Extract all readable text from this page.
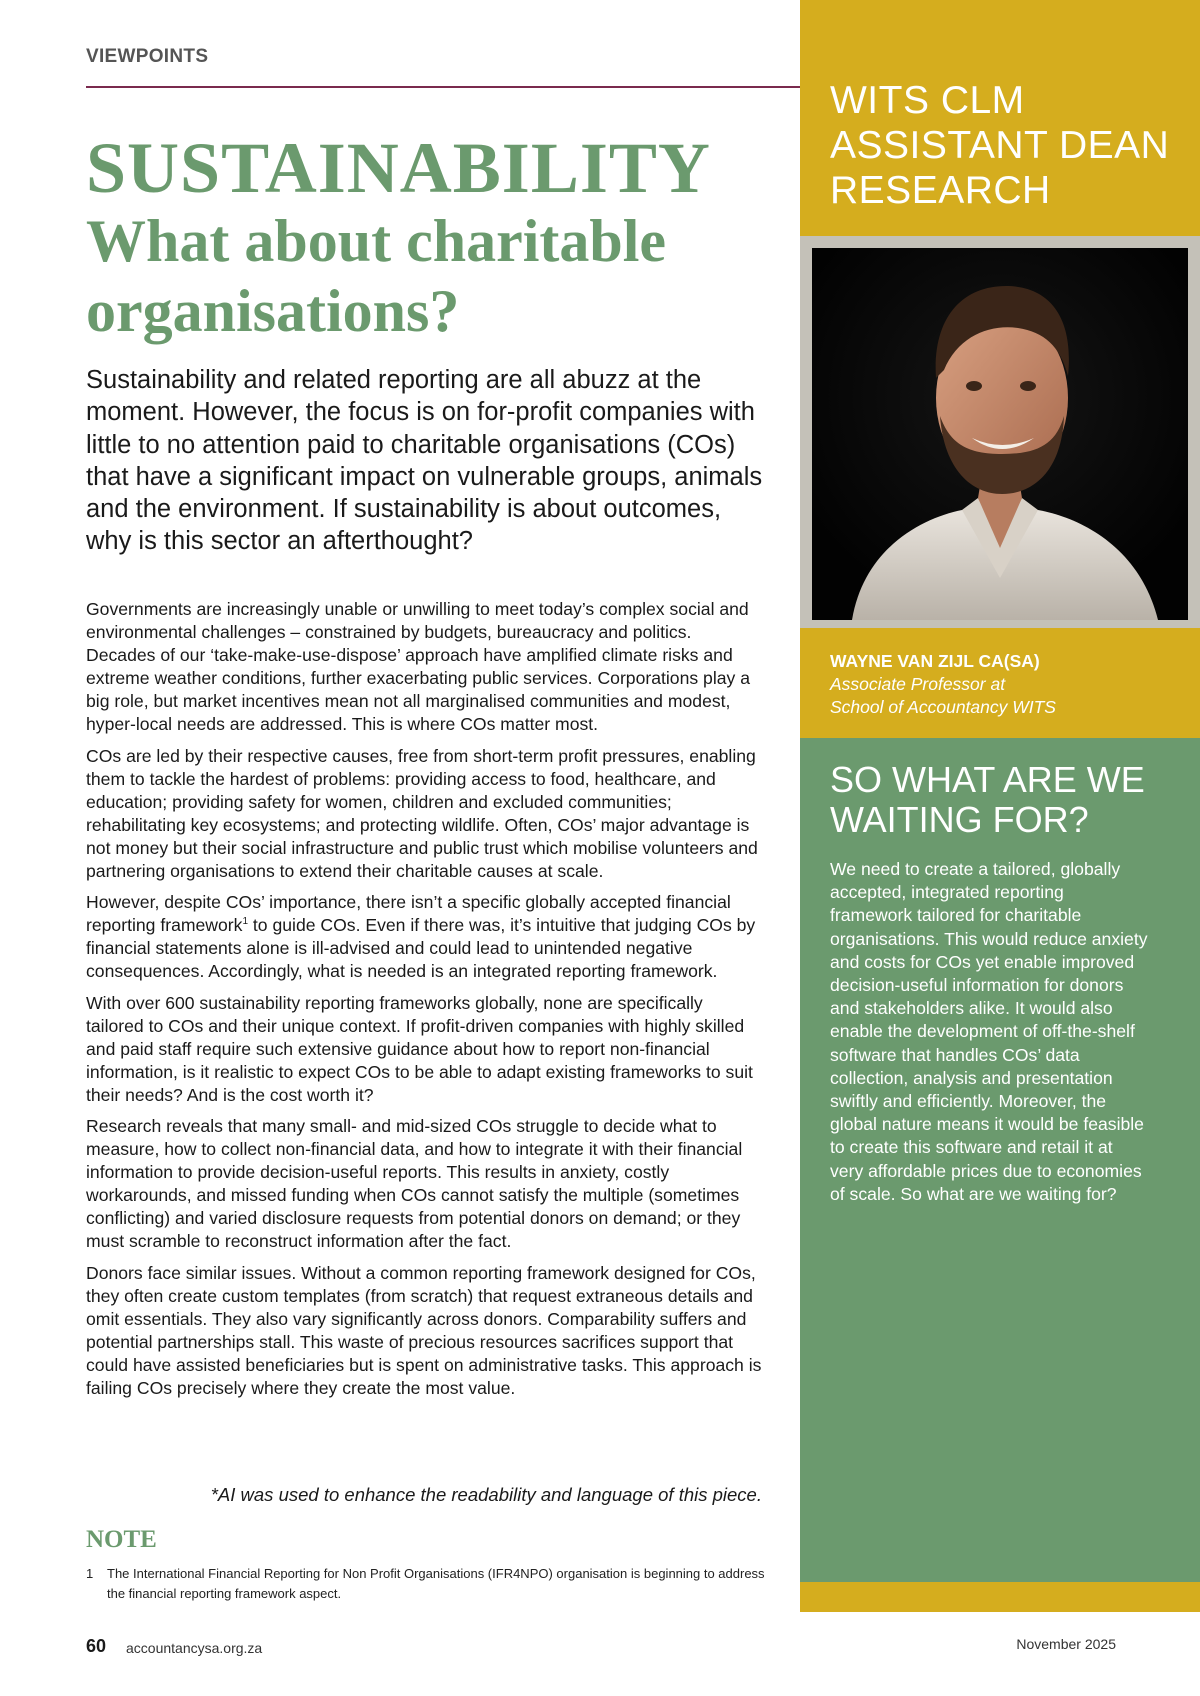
VIEWPOINTS
SUSTAINABILITY
What about charitable organisations?

Sustainability and related reporting are all abuzz at the moment. However, the focus is on for-profit companies with little to no attention paid to charitable organisations (COs) that have a significant impact on vulnerable groups, animals and the environment. If sustainability is about outcomes, why is this sector an afterthought?

Governments are increasingly unable or unwilling to meet today’s complex social and environmental challenges – constrained by budgets, bureaucracy and politics. Decades of our ‘take-make-use-dispose’ approach have amplified climate risks and extreme weather conditions, further exacerbating public services. Corporations play a big role, but market incentives mean not all marginalised communities and modest, hyper-local needs are addressed. This is where COs matter most.

COs are led by their respective causes, free from short-term profit pressures, enabling them to tackle the hardest of problems: providing access to food, healthcare, and education; providing safety for women, children and excluded communities; rehabilitating key ecosystems; and protecting wildlife. Often, COs’ major advantage is not money but their social infrastructure and public trust which mobilise volunteers and partnering organisations to extend their charitable causes at scale.

However, despite COs’ importance, there isn’t a specific globally accepted financial reporting framework$^1$ to guide COs. Even if there was, it’s intuitive that judging COs by financial statements alone is ill-advised and could lead to unintended negative consequences. Accordingly, what is needed is an integrated reporting framework.

With over 600 sustainability reporting frameworks globally, none are specifically tailored to COs and their unique context. If profit-driven companies with highly skilled and paid staff require such extensive guidance about how to report non-financial information, is it realistic to expect COs to be able to adapt existing frameworks to suit their needs? And is the cost worth it?

Research reveals that many small- and mid-sized COs struggle to decide what to measure, how to collect non-financial data, and how to integrate it with their financial information to provide decision-useful reports. This results in anxiety, costly workarounds, and missed funding when COs cannot satisfy the multiple (sometimes conflicting) and varied disclosure requests from potential donors on demand; or they must scramble to reconstruct information after the fact.

Donors face similar issues. Without a common reporting framework designed for COs, they often create custom templates (from scratch) that request extraneous details and omit essentials. They also vary significantly across donors. Comparability suffers and potential partnerships stall. This waste of precious resources sacrifices support that could have assisted beneficiaries but is spent on administrative tasks. This approach is failing COs precisely where they create the most value.

*AI was used to enhance the readability and language of this piece.

NOTE
1	The International Financial Reporting for Non Profit Organisations (IFR4NPO) organisation is beginning to address the financial reporting framework aspect.
60 accountancysa.org.za	November 2025
WITS CLM ASSISTANT DEAN RESEARCH
WAYNE VAN ZIJL CA(SA)
Associate Professor at
School of Accountancy WITS
SO WHAT ARE WE WAITING FOR?

We need to create a tailored, globally accepted, integrated reporting framework tailored for charitable organisations. This would reduce anxiety and costs for COs yet enable improved decision-useful information for donors and stakeholders alike. It would also enable the development of off-the-shelf software that handles COs’ data collection, analysis and presentation swiftly and efficiently. Moreover, the global nature means it would be feasible to create this software and retail it at very affordable prices due to economies of scale. So what are we waiting for?
